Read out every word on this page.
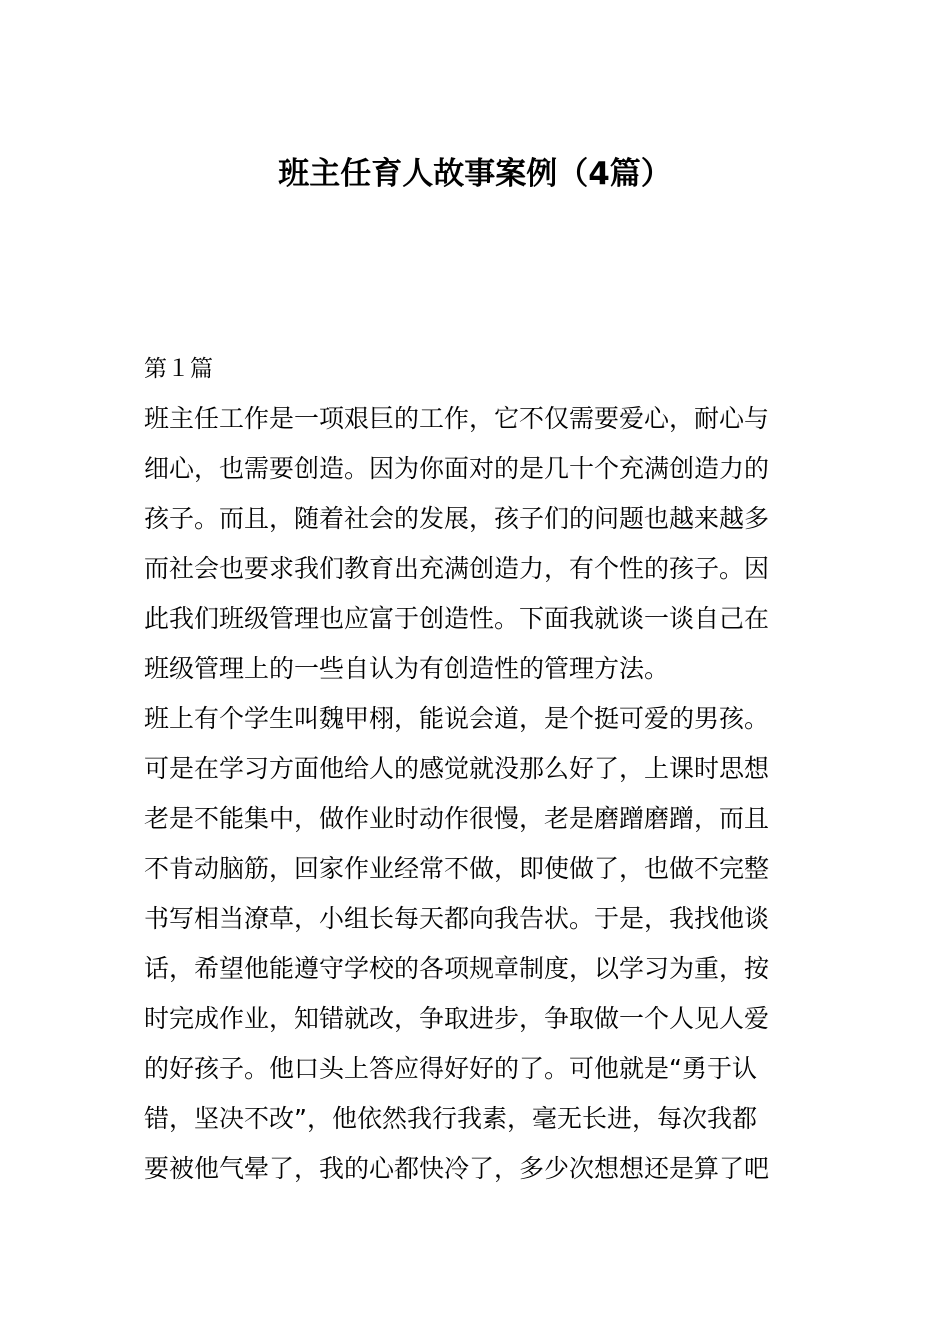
班主任育人故事案例（4篇）
第１篇
班主任工作是一项艰巨的工作，它不仅需要爱心，耐心与
细心，也需要创造。因为你面对的是几十个充满创造力的
孩子。而且，随着社会的发展，孩子们的问题也越来越多
而社会也要求我们教育出充满创造力，有个性的孩子。因
此我们班级管理也应富于创造性。下面我就谈一谈自己在
班级管理上的一些自认为有创造性的管理方法。
班上有个学生叫魏甲栩，能说会道，是个挺可爱的男孩。
可是在学习方面他给人的感觉就没那么好了，上课时思想
老是不能集中，做作业时动作很慢，老是磨蹭磨蹭，而且
不肯动脑筋，回家作业经常不做，即使做了，也做不完整
书写相当潦草，小组长每天都向我告状。于是，我找他谈
话，希望他能遵守学校的各项规章制度，以学习为重，按
时完成作业，知错就改，争取进步，争取做一个人见人爱
的好孩子。他口头上答应得好好的了。可他就是“勇于认
错，坚决不改”，他依然我行我素，毫无长进，每次我都
要被他气晕了，我的心都快冷了，多少次想想还是算了吧
